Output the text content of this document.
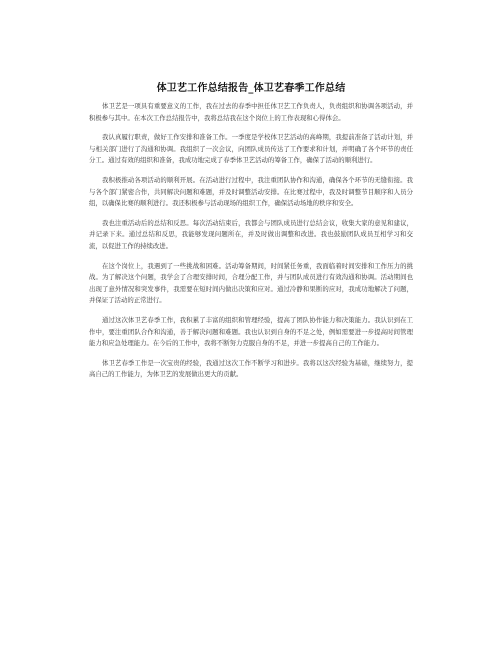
体卫艺工作总结报告_体卫艺春季工作总结

体卫艺是一项具有重要意义的工作，我在过去的春季中担任体卫艺工作负责人，负责组织和协调各项活动，并积极参与其中。在本次工作总结报告中，我将总结我在这个岗位上的工作表现和心得体会。

我认真履行职责，做好工作安排和准备工作。一季度是学校体卫艺活动的高峰期，我提前准备了活动计划，并与相关部门进行了沟通和协调。我组织了一次会议，向团队成员传达了工作要求和计划，并明确了各个环节的责任分工。通过有效的组织和准备，我成功地完成了春季体卫艺活动的筹备工作，确保了活动的顺利进行。

我积极推动各项活动的顺利开展。在活动进行过程中，我注重团队协作和沟通，确保各个环节的无缝衔接。我与各个部门紧密合作，共同解决问题和难题，并及时调整活动安排。在比赛过程中，我及时调整节目顺序和人员分组，以确保比赛的顺利进行。我还积极参与活动现场的组织工作，确保活动场地的秩序和安全。

我也注重活动后的总结和反思。每次活动结束后，我都会与团队成员进行总结会议，收集大家的意见和建议，并记录下来。通过总结和反思，我能够发现问题所在，并及时做出调整和改进。我也鼓励团队成员互相学习和交流，以促进工作的持续改进。

在这个岗位上，我遇到了一些挑战和困难。活动筹备期间，时间紧任务重，我面临着时间安排和工作压力的挑战。为了解决这个问题，我学会了合理安排时间，合理分配工作，并与团队成员进行有效沟通和协调。活动期间也出现了意外情况和突发事件，我需要在短时间内做出决策和应对。通过冷静和果断的应对，我成功地解决了问题，并保证了活动的正常进行。

通过这次体卫艺春季工作，我积累了丰富的组织和管理经验，提高了团队协作能力和决策能力。我认识到在工作中，要注重团队合作和沟通，善于解决问题和难题。我也认识到自身的不足之处，例如需要进一步提高时间管理能力和应急处理能力。在今后的工作中，我将不断努力克服自身的不足，并进一步提高自己的工作能力。

体卫艺春季工作是一次宝贵的经验，我通过这次工作不断学习和进步。我将以这次经验为基础，继续努力，提高自己的工作能力，为体卫艺的发展做出更大的贡献。
